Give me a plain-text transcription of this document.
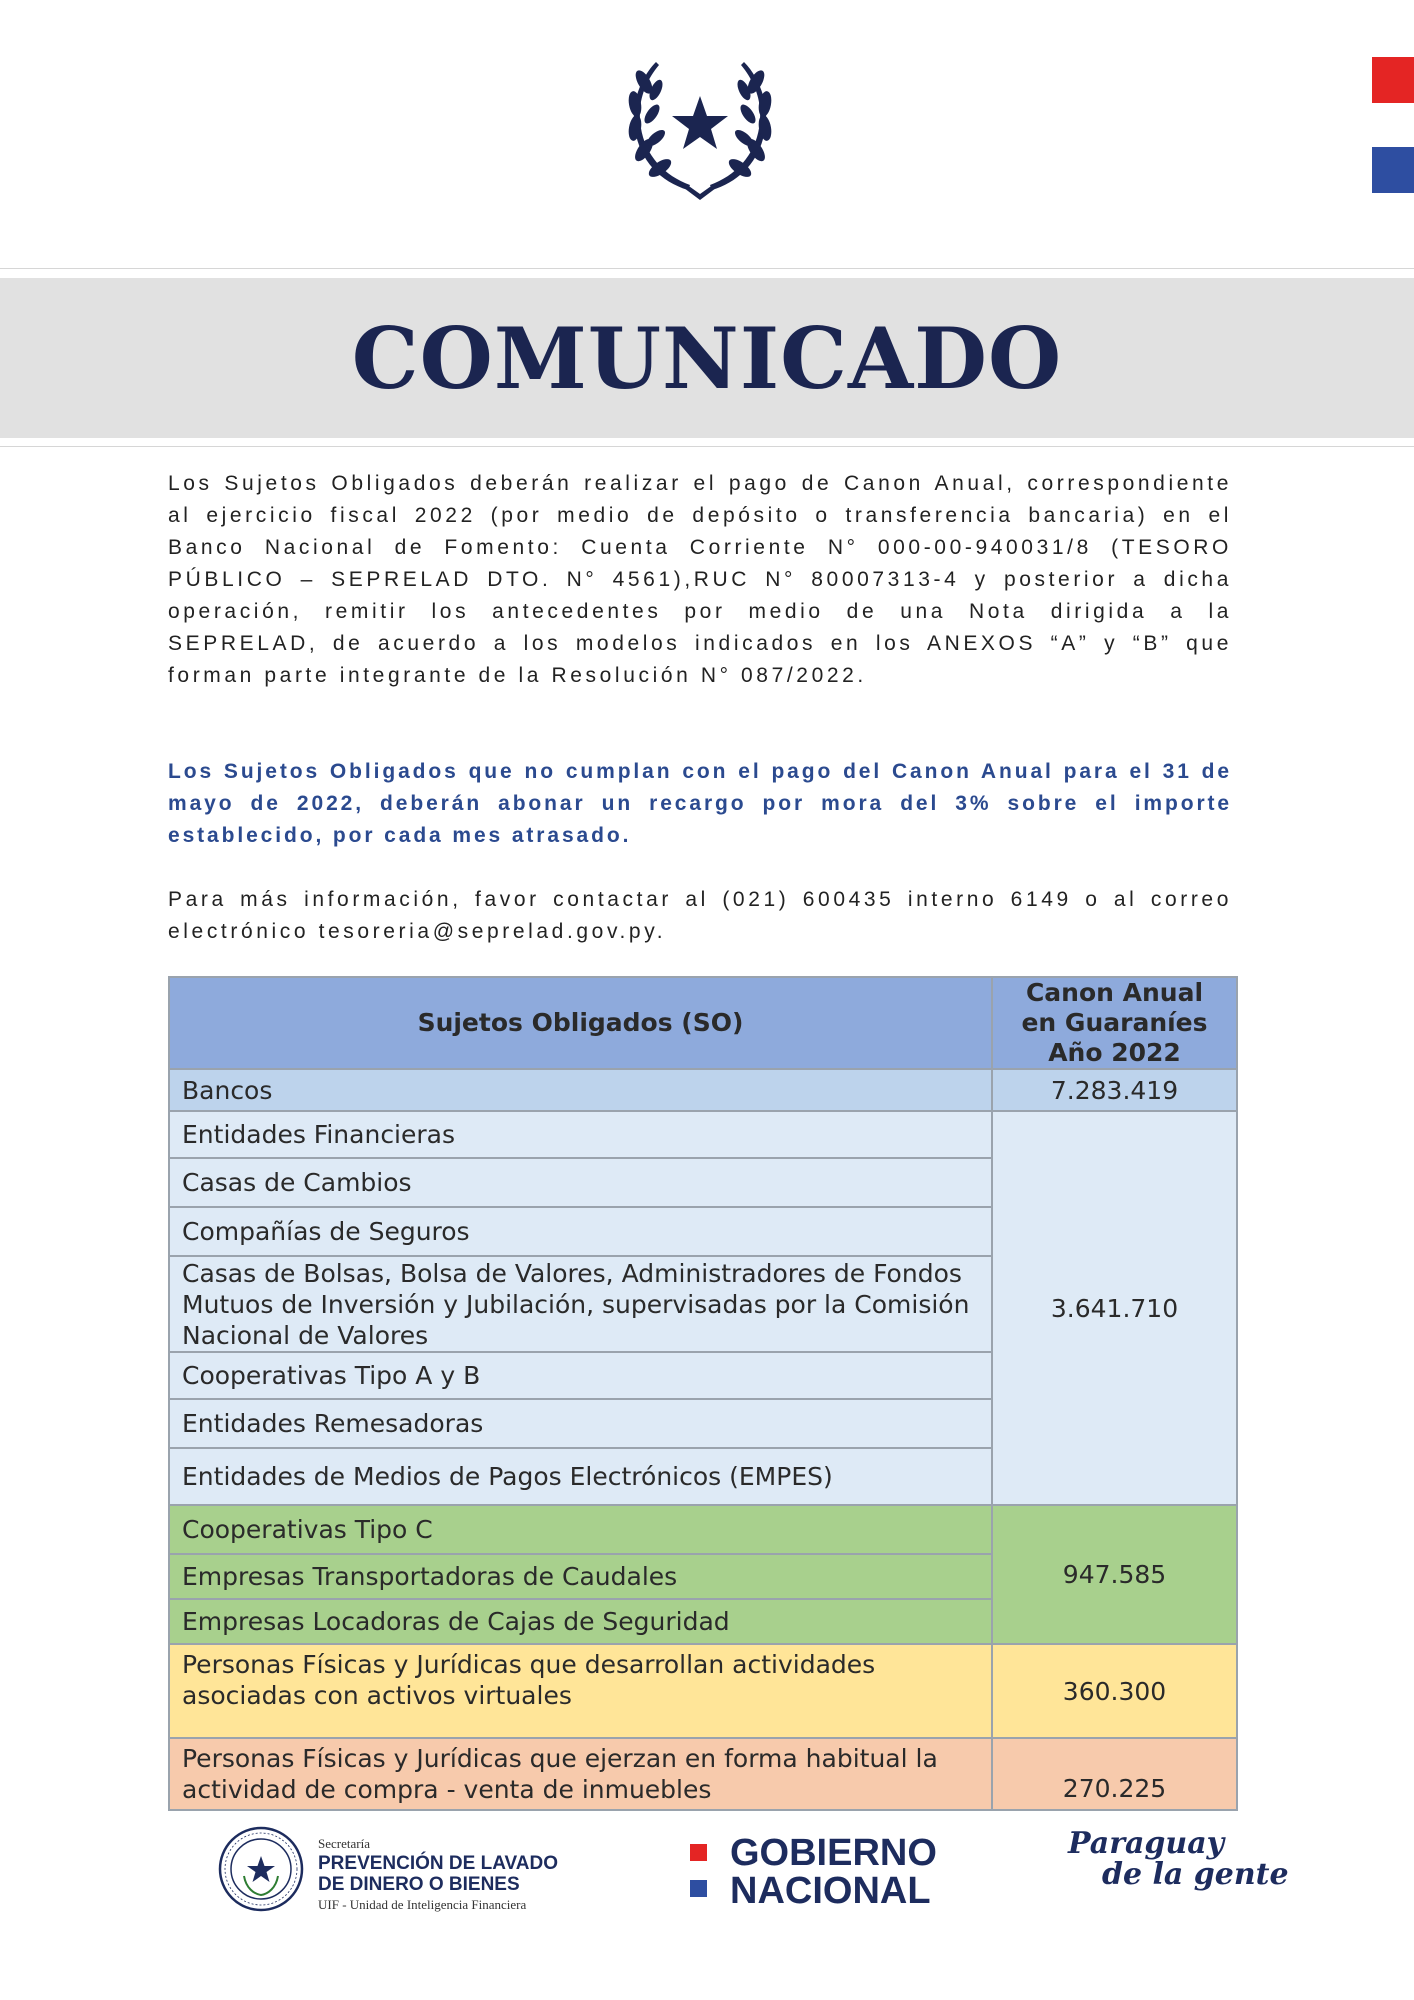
COMUNICADO

Los Sujetos Obligados deberán realizar el pago de Canon Anual, correspondiente al ejercicio fiscal 2022 (por medio de depósito o transferencia bancaria) en el Banco Nacional de Fomento: Cuenta Corriente N° 000-00-940031/8 (TESORO PÚBLICO – SEPRELAD DTO. N° 4561),RUC N° 80007313-4 y posterior a dicha operación, remitir los antecedentes por medio de una Nota dirigida a la SEPRELAD, de acuerdo a los modelos indicados en los ANEXOS “A” y “B” que forman parte integrante de la Resolución N° 087/2022.

Los Sujetos Obligados que no cumplan con el pago del Canon Anual para el 31 de mayo de 2022, deberán abonar un recargo por mora del 3% sobre el importe establecido, por cada mes atrasado.

Para más información, favor contactar al (021) 600435 interno 6149 o al correo electrónico tesoreria@seprelad.gov.py.

Sujetos Obligados (SO)	Canon Anual en Guaraníes Año 2022
Bancos	7.283.419
Entidades Financieras	3.641.710
Casas de Cambios	
Compañías de Seguros	
Casas de Bolsas, Bolsa de Valores, Administradores de Fondos Mutuos de Inversión y Jubilación, supervisadas por la Comisión Nacional de Valores	
Cooperativas Tipo A y B	
Entidades Remesadoras	
Entidades de Medios de Pagos Electrónicos (EMPES)	
Cooperativas Tipo C	947.585
Empresas Transportadoras de Caudales	
Empresas Locadoras de Cajas de Seguridad	
Personas Físicas y Jurídicas que desarrollan actividades asociadas con activos virtuales	360.300
Personas Físicas y Jurídicas que ejerzan en forma habitual la actividad de compra - venta de inmuebles	270.225
Secretaría
PREVENCIÓN DE LAVADO
DE DINERO O BIENES
UIF - Unidad de Inteligencia Financiera
GOBIERNO
NACIONAL
Paraguay
de la gente
